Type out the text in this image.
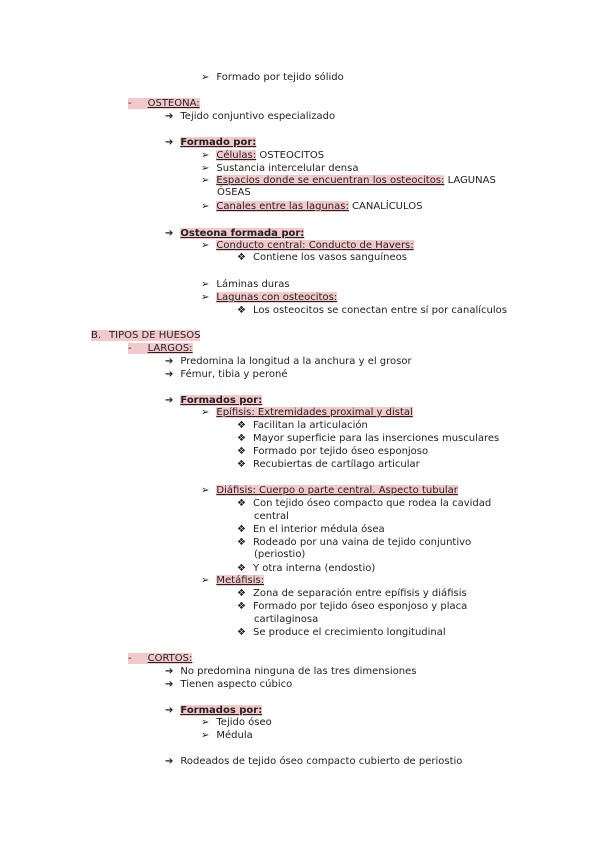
➢ Formado por tejido sólido
- OSTEONA:
➔ Tejido conjuntivo especializado
➔ Formado por:
➢ Células: OSTEOCITOS
➢ Sustancia intercelular densa
➢ Espacios donde se encuentran los osteocitos: LAGUNAS
ÓSEAS
➢ Canales entre las lagunas: CANALÍCULOS
➔ Osteona formada por:
➢ Conducto central: Conducto de Havers:
❖ Contiene los vasos sanguíneos
➢ Láminas duras
➢ Lagunas con osteocitos:
❖ Los osteocitos se conectan entre sí por canalículos
B. TIPOS DE HUESOS
- LARGOS:
➔ Predomina la longitud a la anchura y el grosor
➔ Fémur, tibia y peroné
➔ Formados por:
➢ Epífisis: Extremidades proximal y distal
❖ Facilitan la articulación
❖ Mayor superficie para las inserciones musculares
❖ Formado por tejido óseo esponjoso
❖ Recubiertas de cartílago articular
➢ Diáfisis: Cuerpo o parte central. Aspecto tubular
❖ Con tejido óseo compacto que rodea la cavidad
central
❖ En el interior médula ósea
❖ Rodeado por una vaina de tejido conjuntivo
(periostio)
❖ Y otra interna (endostio)
➢ Metáfisis:
❖ Zona de separación entre epífisis y diáfisis
❖ Formado por tejido óseo esponjoso y placa
cartilaginosa
❖ Se produce el crecimiento longitudinal
- CORTOS:
➔ No predomina ninguna de las tres dimensiones
➔ Tienen aspecto cúbico
➔ Formados por:
➢ Tejido óseo
➢ Médula
➔ Rodeados de tejido óseo compacto cubierto de periostio
